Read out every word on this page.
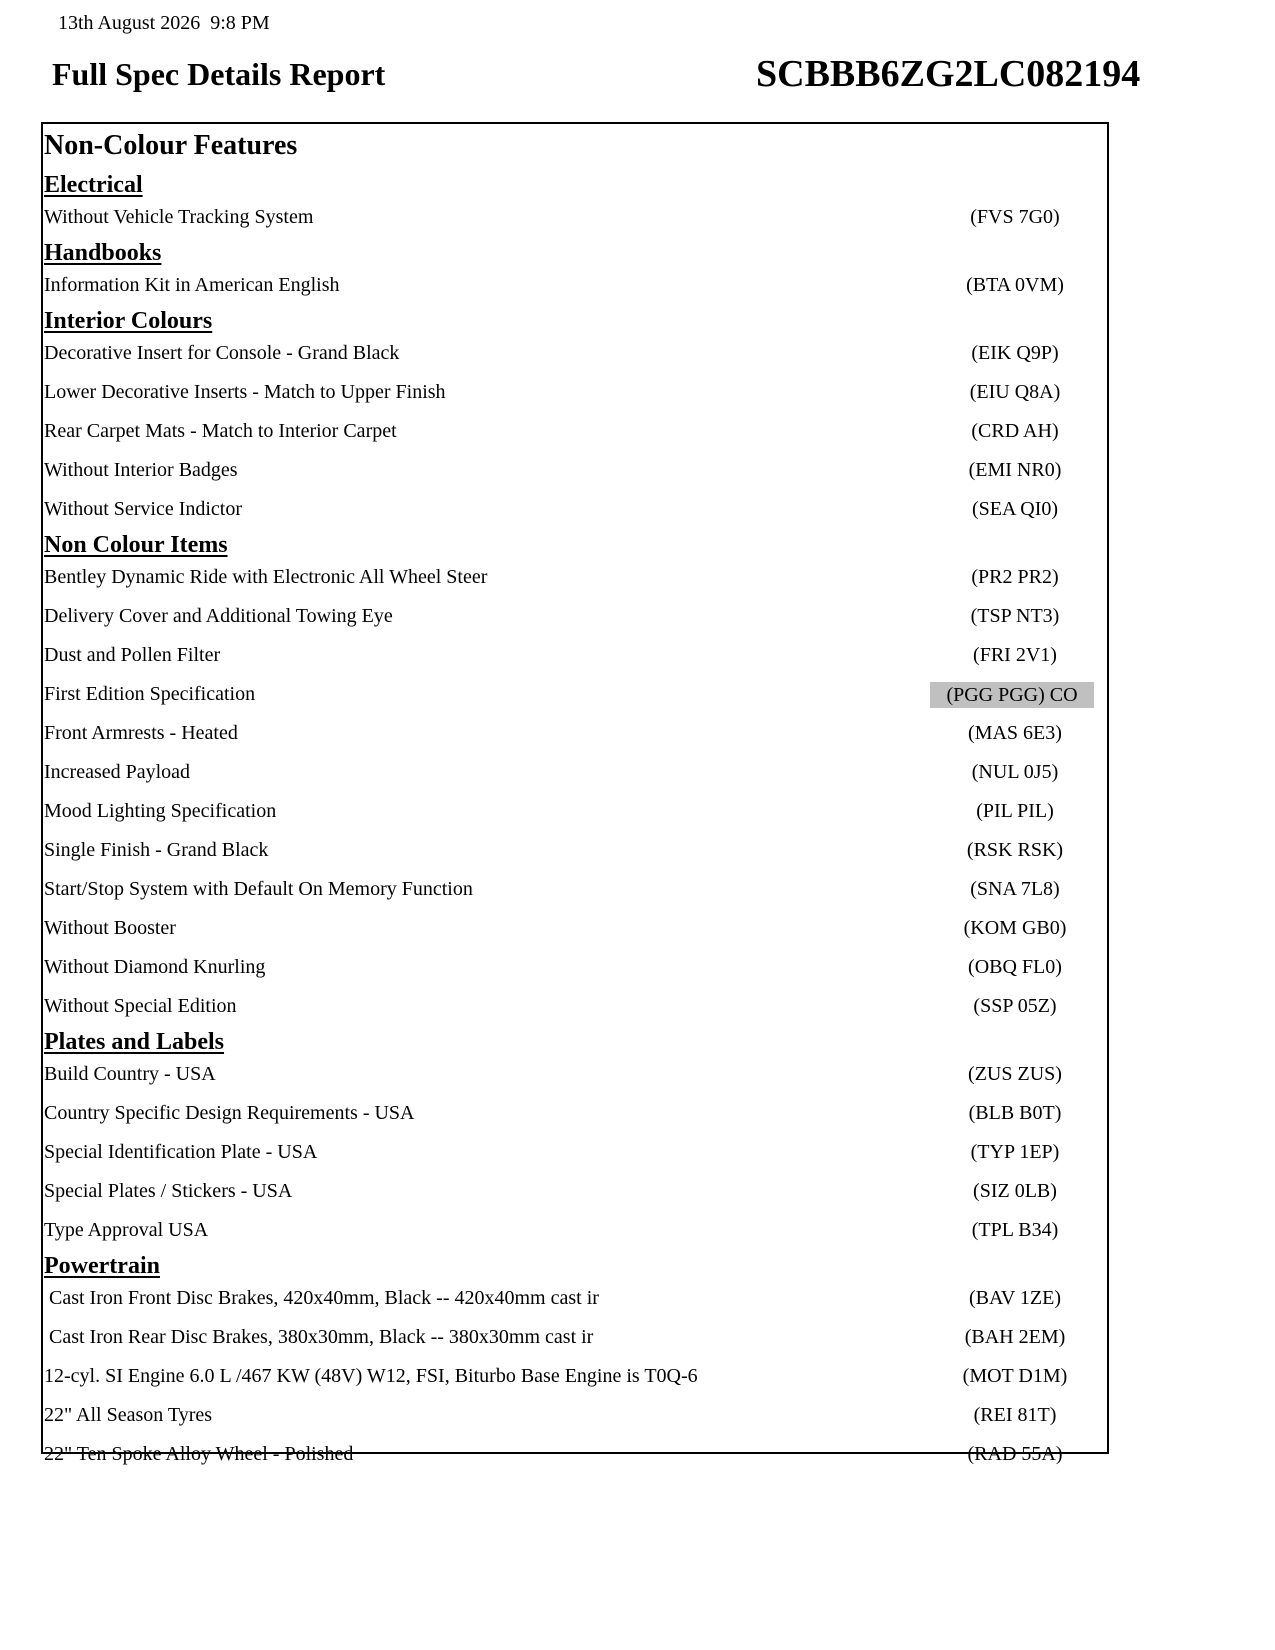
13th August 2026  9:8 PM
Full Spec Details Report	SCBBB6ZG2LC082194
Non-Colour Features
Electrical
Without Vehicle Tracking System	(FVS 7G0)
Handbooks
Information Kit in American English	(BTA 0VM)
Interior Colours
Decorative Insert for Console - Grand Black	(EIK Q9P)
Lower Decorative Inserts - Match to Upper Finish	(EIU Q8A)
Rear Carpet Mats - Match to Interior Carpet	(CRD AH)
Without Interior Badges	(EMI NR0)
Without Service Indictor	(SEA QI0)
Non Colour Items
Bentley Dynamic Ride with Electronic All Wheel Steer	(PR2 PR2)
Delivery Cover and Additional Towing Eye	(TSP NT3)
Dust and Pollen Filter	(FRI 2V1)
First Edition Specification	(PGG PGG) CO
Front Armrests - Heated	(MAS 6E3)
Increased Payload	(NUL 0J5)
Mood Lighting Specification	(PIL PIL)
Single Finish - Grand Black	(RSK RSK)
Start/Stop System with Default On Memory Function	(SNA 7L8)
Without Booster	(KOM GB0)
Without Diamond Knurling	(OBQ FL0)
Without Special Edition	(SSP 05Z)
Plates and Labels
Build Country - USA	(ZUS ZUS)
Country Specific Design Requirements - USA	(BLB B0T)
Special Identification Plate - USA	(TYP 1EP)
Special Plates / Stickers - USA	(SIZ 0LB)
Type Approval USA	(TPL B34)
Powertrain
Cast Iron Front Disc Brakes, 420x40mm, Black -- 420x40mm cast ir	(BAV 1ZE)
Cast Iron Rear Disc Brakes, 380x30mm, Black -- 380x30mm cast ir	(BAH 2EM)
12-cyl. SI Engine 6.0 L /467 KW (48V) W12, FSI, Biturbo Base Engine is T0Q-6	(MOT D1M)
22" All Season Tyres	(REI 81T)
22" Ten Spoke Alloy Wheel - Polished	(RAD 55A)
